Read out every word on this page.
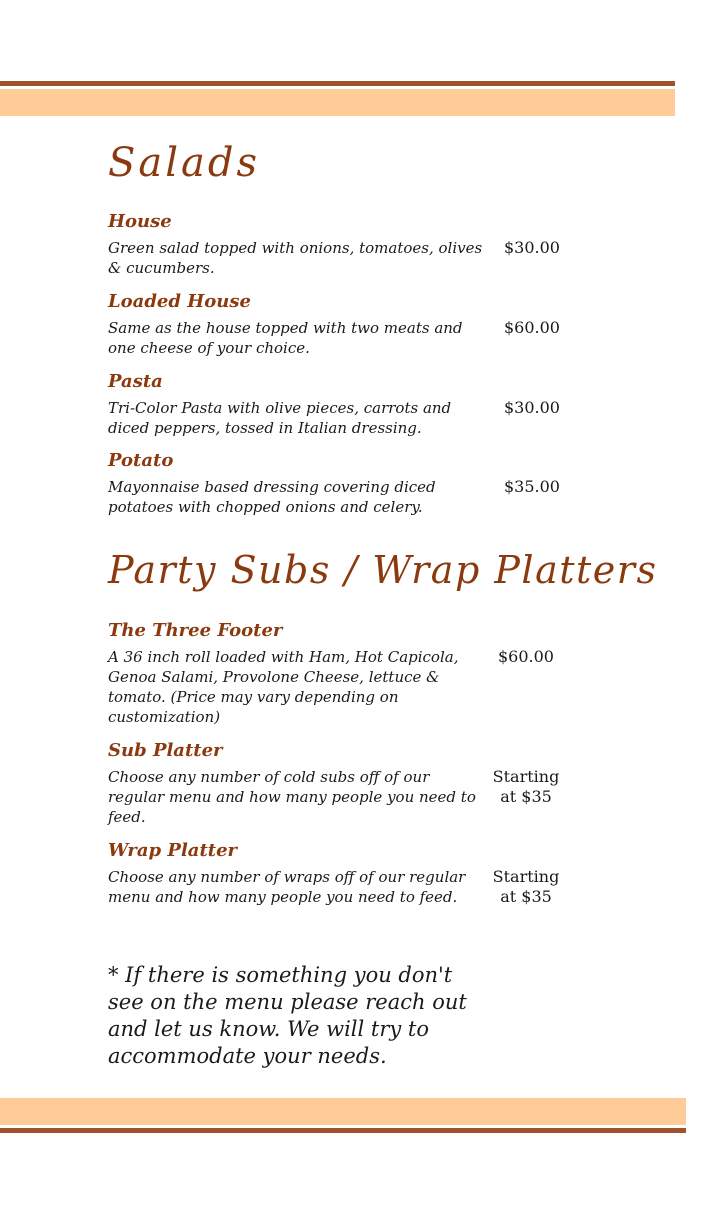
Salads
House
Green salad topped with onions, tomatoes, olives & cucumbers.
$30.00
Loaded House
Same as the house topped with two meats and one cheese of your choice.
$60.00
Pasta
Tri-Color Pasta with olive pieces, carrots and diced peppers, tossed in Italian dressing.
$30.00
Potato
Mayonnaise based dressing covering diced potatoes with chopped onions and celery.
$35.00
Party Subs / Wrap Platters
The Three Footer
A 36 inch roll loaded with Ham, Hot Capicola, Genoa Salami, Provolone Cheese, lettuce & tomato. (Price may vary depending on customization)
$60.00
Sub Platter
Choose any number of cold subs off of our regular menu and how many people you need to feed.
Starting
at $35
Wrap Platter
Choose any number of wraps off of our regular menu and how many people you need to feed.
Starting
at $35

* If there is something you don't see on the menu please reach out and let us know. We will try to accommodate your needs.
